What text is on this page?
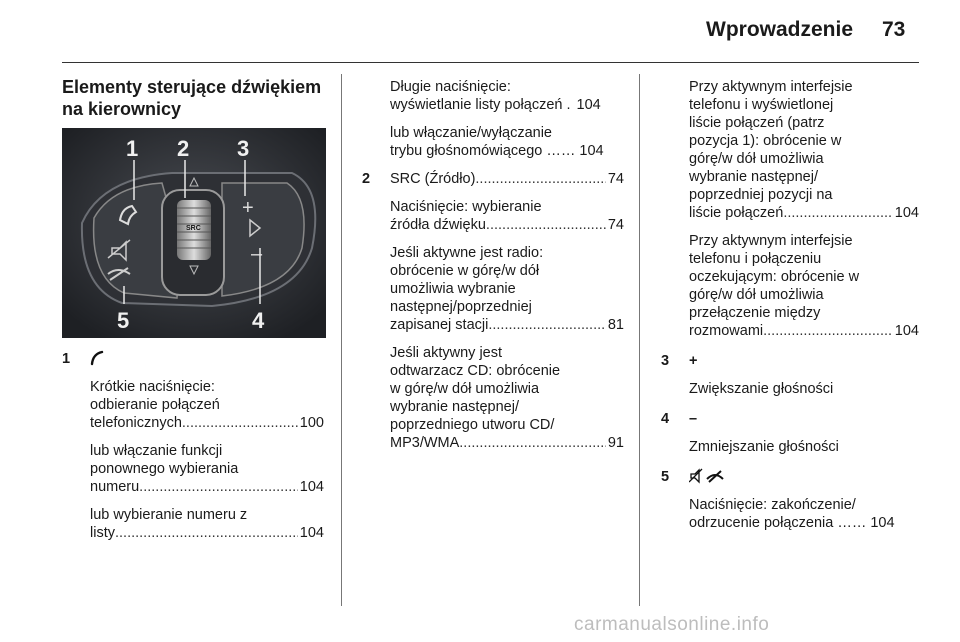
Wprowadzenie 73
Elementy sterujące dźwiękiem
na kierownicy
SRC
+
–
1 2 3
4
5
1
Krótkie naciśnięcie:
odbieranie połączeń
telefonicznych .....	100
lub włączanie funkcji
ponownego wybierania
numeru .....	104
lub wybieranie numeru z
listy .....	104
Długie naciśnięcie:
wyświetlanie listy połączeń . 104
lub włączanie/wyłączanie
trybu głośnomówiącego …… 104
2 SRC (Źródło) .....	74
Naciśnięcie: wybieranie
źródła dźwięku .....	74
Jeśli aktywne jest radio:
obrócenie w górę/w dół
umożliwia wybranie
następnej/poprzedniej
zapisanej stacji .....	81
Jeśli aktywny jest
odtwarzacz CD: obrócenie
w górę/w dół umożliwia
wybranie następnej/
poprzedniego utworu CD/
MP3/WMA .....	91
Przy aktywnym interfejsie
telefonu i wyświetlonej
liście połączeń (patrz
pozycja 1): obrócenie w
górę/w dół umożliwia
wybranie następnej/
poprzedniej pozycji na
liście połączeń .....	104
Przy aktywnym interfejsie
telefonu i połączeniu
oczekującym: obrócenie w
górę/w dół umożliwia
przełączenie między
rozmowami .....	104
3 +
Zwiększanie głośności
4 –
Zmniejszanie głośności
5
Naciśnięcie: zakończenie/
odrzucenie połączenia …… 104
carmanualsonline.info
